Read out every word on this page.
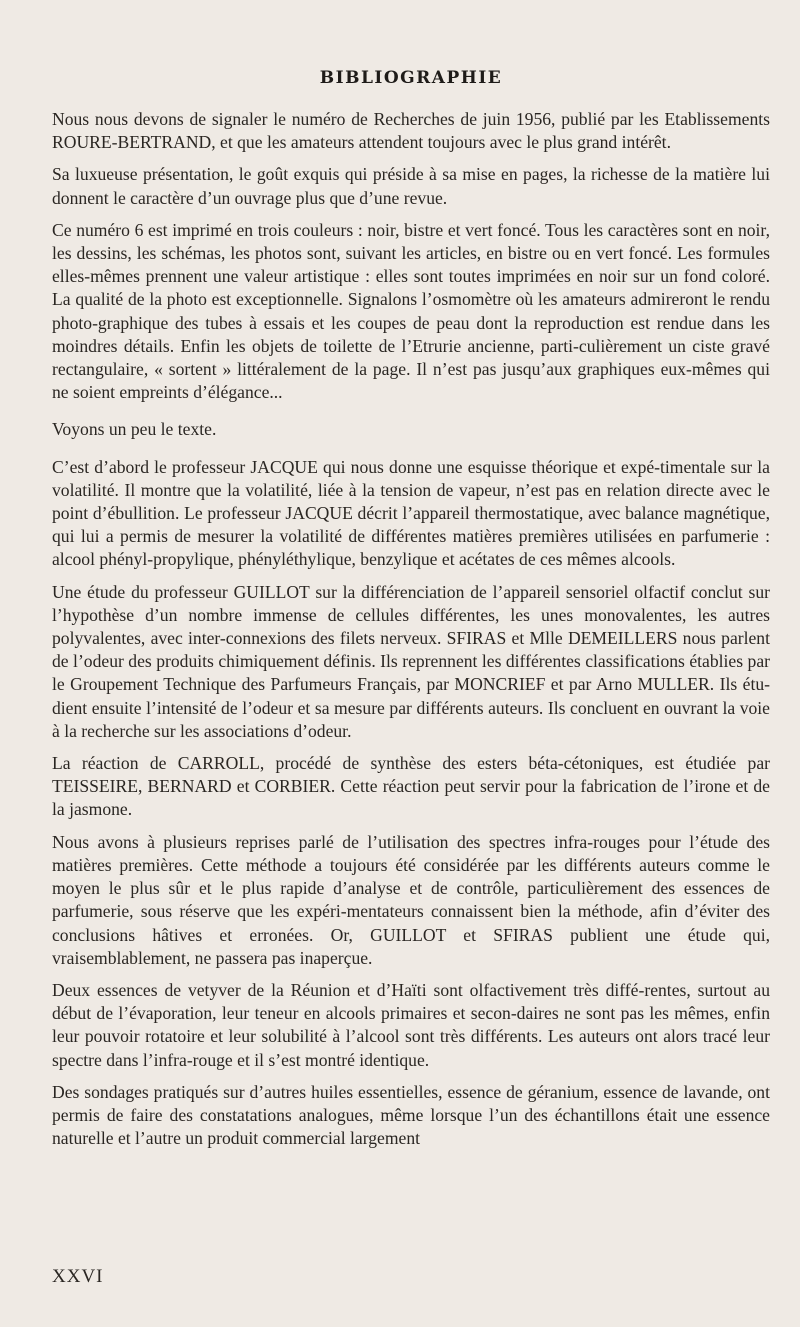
BIBLIOGRAPHIE

Nous nous devons de signaler le numéro de Recherches de juin 1956, publié par les Etablissements ROURE-BERTRAND, et que les amateurs attendent toujours avec le plus grand intérêt.

Sa luxueuse présentation, le goût exquis qui préside à sa mise en pages, la richesse de la matière lui donnent le caractère d’un ouvrage plus que d’une revue.

Ce numéro 6 est imprimé en trois couleurs : noir, bistre et vert foncé. Tous les caractères sont en noir, les dessins, les schémas, les photos sont, suivant les articles, en bistre ou en vert foncé. Les formules elles-mêmes prennent une valeur artistique : elles sont toutes imprimées en noir sur un fond coloré. La qualité de la photo est exceptionnelle. Signalons l’osmomètre où les amateurs admireront le rendu photo-graphique des tubes à essais et les coupes de peau dont la reproduction est rendue dans les moindres détails. Enfin les objets de toilette de l’Etrurie ancienne, parti-culièrement un ciste gravé rectangulaire, « sortent » littéralement de la page. Il n’est pas jusqu’aux graphiques eux-mêmes qui ne soient empreints d’élégance...

Voyons un peu le texte.

C’est d’abord le professeur JACQUE qui nous donne une esquisse théorique et expé-timentale sur la volatilité. Il montre que la volatilité, liée à la tension de vapeur, n’est pas en relation directe avec le point d’ébullition. Le professeur JACQUE décrit l’appareil thermostatique, avec balance magnétique, qui lui a permis de mesurer la volatilité de différentes matières premières utilisées en parfumerie : alcool phényl-propylique, phényléthylique, benzylique et acétates de ces mêmes alcools.

Une étude du professeur GUILLOT sur la différenciation de l’appareil sensoriel olfactif conclut sur l’hypothèse d’un nombre immense de cellules différentes, les unes monovalentes, les autres polyvalentes, avec inter-connexions des filets nerveux. SFIRAS et Mlle DEMEILLERS nous parlent de l’odeur des produits chimiquement définis. Ils reprennent les différentes classifications établies par le Groupement Technique des Parfumeurs Français, par MONCRIEF et par Arno MULLER. Ils étu-dient ensuite l’intensité de l’odeur et sa mesure par différents auteurs. Ils concluent en ouvrant la voie à la recherche sur les associations d’odeur.

La réaction de CARROLL, procédé de synthèse des esters béta-cétoniques, est étudiée par TEISSEIRE, BERNARD et CORBIER. Cette réaction peut servir pour la fabrication de l’irone et de la jasmone.

Nous avons à plusieurs reprises parlé de l’utilisation des spectres infra-rouges pour l’étude des matières premières. Cette méthode a toujours été considérée par les différents auteurs comme le moyen le plus sûr et le plus rapide d’analyse et de contrôle, particulièrement des essences de parfumerie, sous réserve que les expéri-mentateurs connaissent bien la méthode, afin d’éviter des conclusions hâtives et erronées. Or, GUILLOT et SFIRAS publient une étude qui, vraisemblablement, ne passera pas inaperçue.

Deux essences de vetyver de la Réunion et d’Haïti sont olfactivement très diffé-rentes, surtout au début de l’évaporation, leur teneur en alcools primaires et secon-daires ne sont pas les mêmes, enfin leur pouvoir rotatoire et leur solubilité à l’alcool sont très différents. Les auteurs ont alors tracé leur spectre dans l’infra-rouge et il s’est montré identique.

Des sondages pratiqués sur d’autres huiles essentielles, essence de géranium, essence de lavande, ont permis de faire des constatations analogues, même lorsque l’un des échantillons était une essence naturelle et l’autre un produit commercial largement

XXVI
